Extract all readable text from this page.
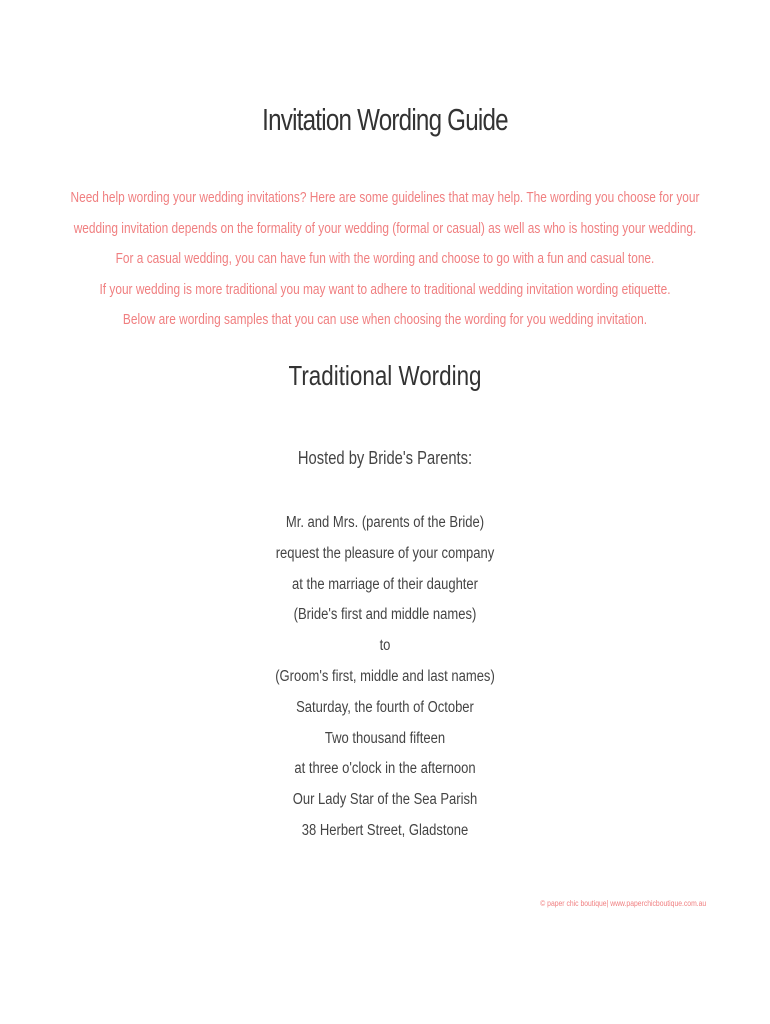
Invitation Wording Guide
Need help wording your wedding invitations? Here are some guidelines that may help. The wording you choose for your
wedding invitation depends on the formality of your wedding (formal or casual) as well as who is hosting your wedding.
For a casual wedding, you can have fun with the wording and choose to go with a fun and casual tone.
If your wedding is more traditional you may want to adhere to traditional wedding invitation wording etiquette.
Below are wording samples that you can use when choosing the wording for you wedding invitation.
Traditional Wording
Hosted by Bride's Parents:
Mr. and Mrs. (parents of the Bride)
request the pleasure of your company
at the marriage of their daughter
(Bride's first and middle names)
to
(Groom's first, middle and last names)
Saturday, the fourth of October
Two thousand fifteen
at three o'clock in the afternoon
Our Lady Star of the Sea Parish
38 Herbert Street, Gladstone
© paper chic boutique| www.paperchicboutique.com.au
